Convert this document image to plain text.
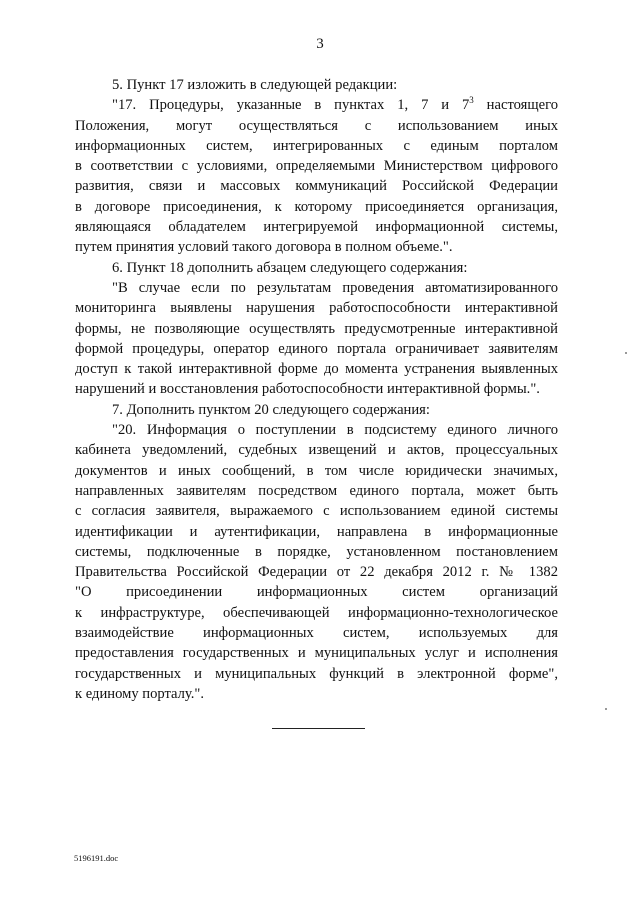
3
5. Пункт 17 изложить в следующей редакции:
"17. Процедуры, указанные в пунктах 1, 7 и $7^3$ настоящего
Положения, могут осуществляться с использованием иных
информационных систем, интегрированных с единым порталом
в соответствии с условиями, определяемыми Министерством цифрового
развития, связи и массовых коммуникаций Российской Федерации
в договоре присоединения, к которому присоединяется организация,
являющаяся обладателем интегрируемой информационной системы,
путем принятия условий такого договора в полном объеме.".
6. Пункт 18 дополнить абзацем следующего содержания:
"В случае если по результатам проведения автоматизированного
мониторинга выявлены нарушения работоспособности интерактивной
формы, не позволяющие осуществлять предусмотренные интерактивной
формой процедуры, оператор единого портала ограничивает заявителям
доступ к такой интерактивной форме до момента устранения выявленных
нарушений и восстановления работоспособности интерактивной формы.".
7. Дополнить пунктом 20 следующего содержания:
"20. Информация о поступлении в подсистему единого личного
кабинета уведомлений, судебных извещений и актов, процессуальных
документов и иных сообщений, в том числе юридически значимых,
направленных заявителям посредством единого портала, может быть
с согласия заявителя, выражаемого с использованием единой системы
идентификации и аутентификации, направлена в информационные
системы, подключенные в порядке, установленном постановлением
Правительства Российской Федерации от 22 декабря 2012 г. № 1382
"О присоединении информационных систем организаций
к инфраструктуре, обеспечивающей информационно-технологическое
взаимодействие информационных систем, используемых для
предоставления государственных и муниципальных услуг и исполнения
государственных и муниципальных функций в электронной форме",
к единому порталу.".
5196191.doc
